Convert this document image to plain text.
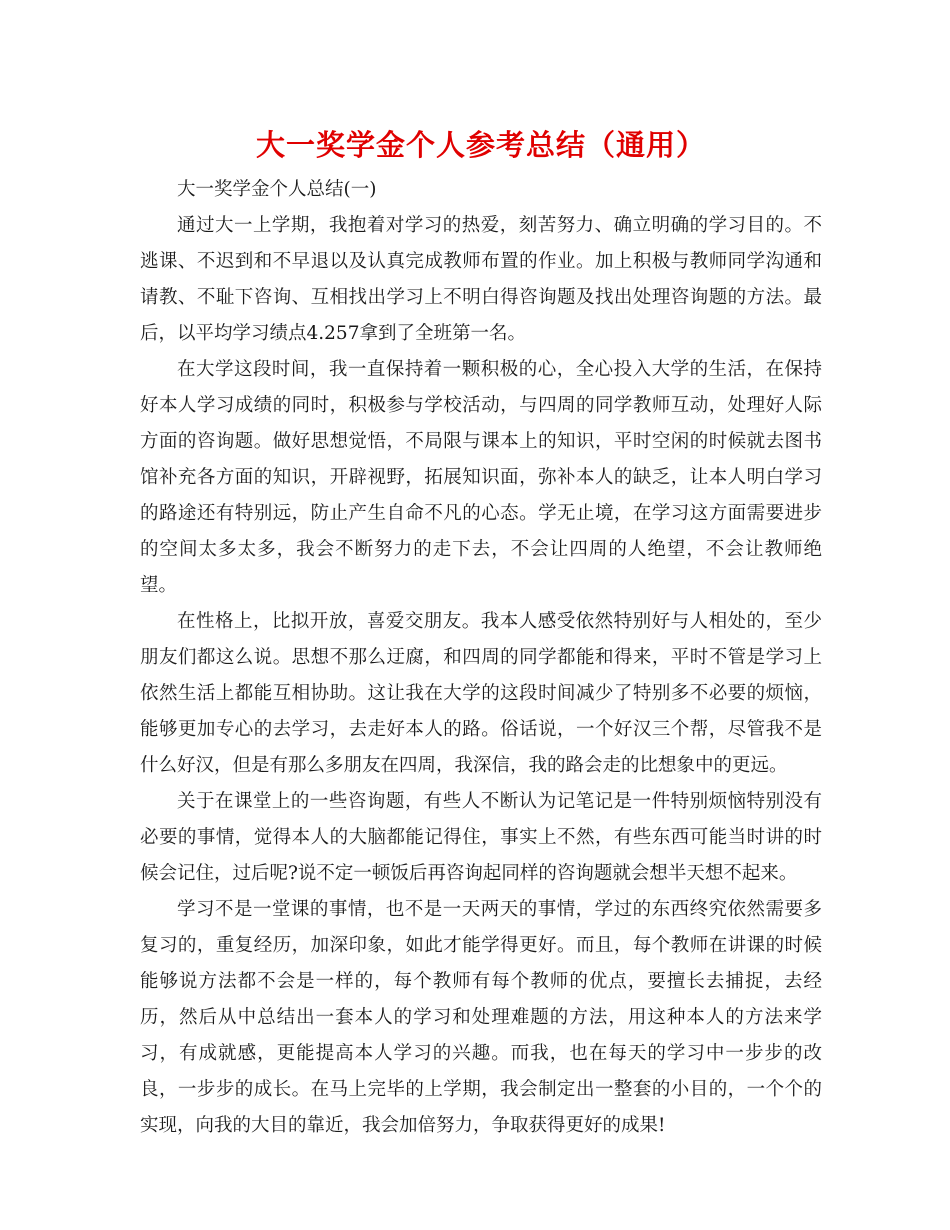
大一奖学金个人参考总结（通用）

大一奖学金个人总结(一)

通过大一上学期，我抱着对学习的热爱，刻苦努力、确立明确的学习目的。不逃课、不迟到和不早退以及认真完成教师布置的作业。加上积极与教师同学沟通和请教、不耻下咨询、互相找出学习上不明白得咨询题及找出处理咨询题的方法。最后，以平均学习绩点4.257拿到了全班第一名。

在大学这段时间，我一直保持着一颗积极的心，全心投入大学的生活，在保持好本人学习成绩的同时，积极参与学校活动，与四周的同学教师互动，处理好人际方面的咨询题。做好思想觉悟，不局限与课本上的知识，平时空闲的时候就去图书馆补充各方面的知识，开辟视野，拓展知识面，弥补本人的缺乏，让本人明白学习的路途还有特别远，防止产生自命不凡的心态。学无止境，在学习这方面需要进步的空间太多太多，我会不断努力的走下去，不会让四周的人绝望，不会让教师绝望。

在性格上，比拟开放，喜爱交朋友。我本人感受依然特别好与人相处的，至少朋友们都这么说。思想不那么迂腐，和四周的同学都能和得来，平时不管是学习上依然生活上都能互相协助。这让我在大学的这段时间减少了特别多不必要的烦恼，能够更加专心的去学习，去走好本人的路。俗话说，一个好汉三个帮，尽管我不是什么好汉，但是有那么多朋友在四周，我深信，我的路会走的比想象中的更远。

关于在课堂上的一些咨询题，有些人不断认为记笔记是一件特别烦恼特别没有必要的事情，觉得本人的大脑都能记得住，事实上不然，有些东西可能当时讲的时候会记住，过后呢?说不定一顿饭后再咨询起同样的咨询题就会想半天想不起来。

学习不是一堂课的事情，也不是一天两天的事情，学过的东西终究依然需要多复习的，重复经历，加深印象，如此才能学得更好。而且，每个教师在讲课的时候能够说方法都不会是一样的，每个教师有每个教师的优点，要擅长去捕捉，去经历，然后从中总结出一套本人的学习和处理难题的方法，用这种本人的方法来学习，有成就感，更能提高本人学习的兴趣。而我，也在每天的学习中一步步的改良，一步步的成长。在马上完毕的上学期，我会制定出一整套的小目的，一个个的实现，向我的大目的靠近，我会加倍努力，争取获得更好的成果!
